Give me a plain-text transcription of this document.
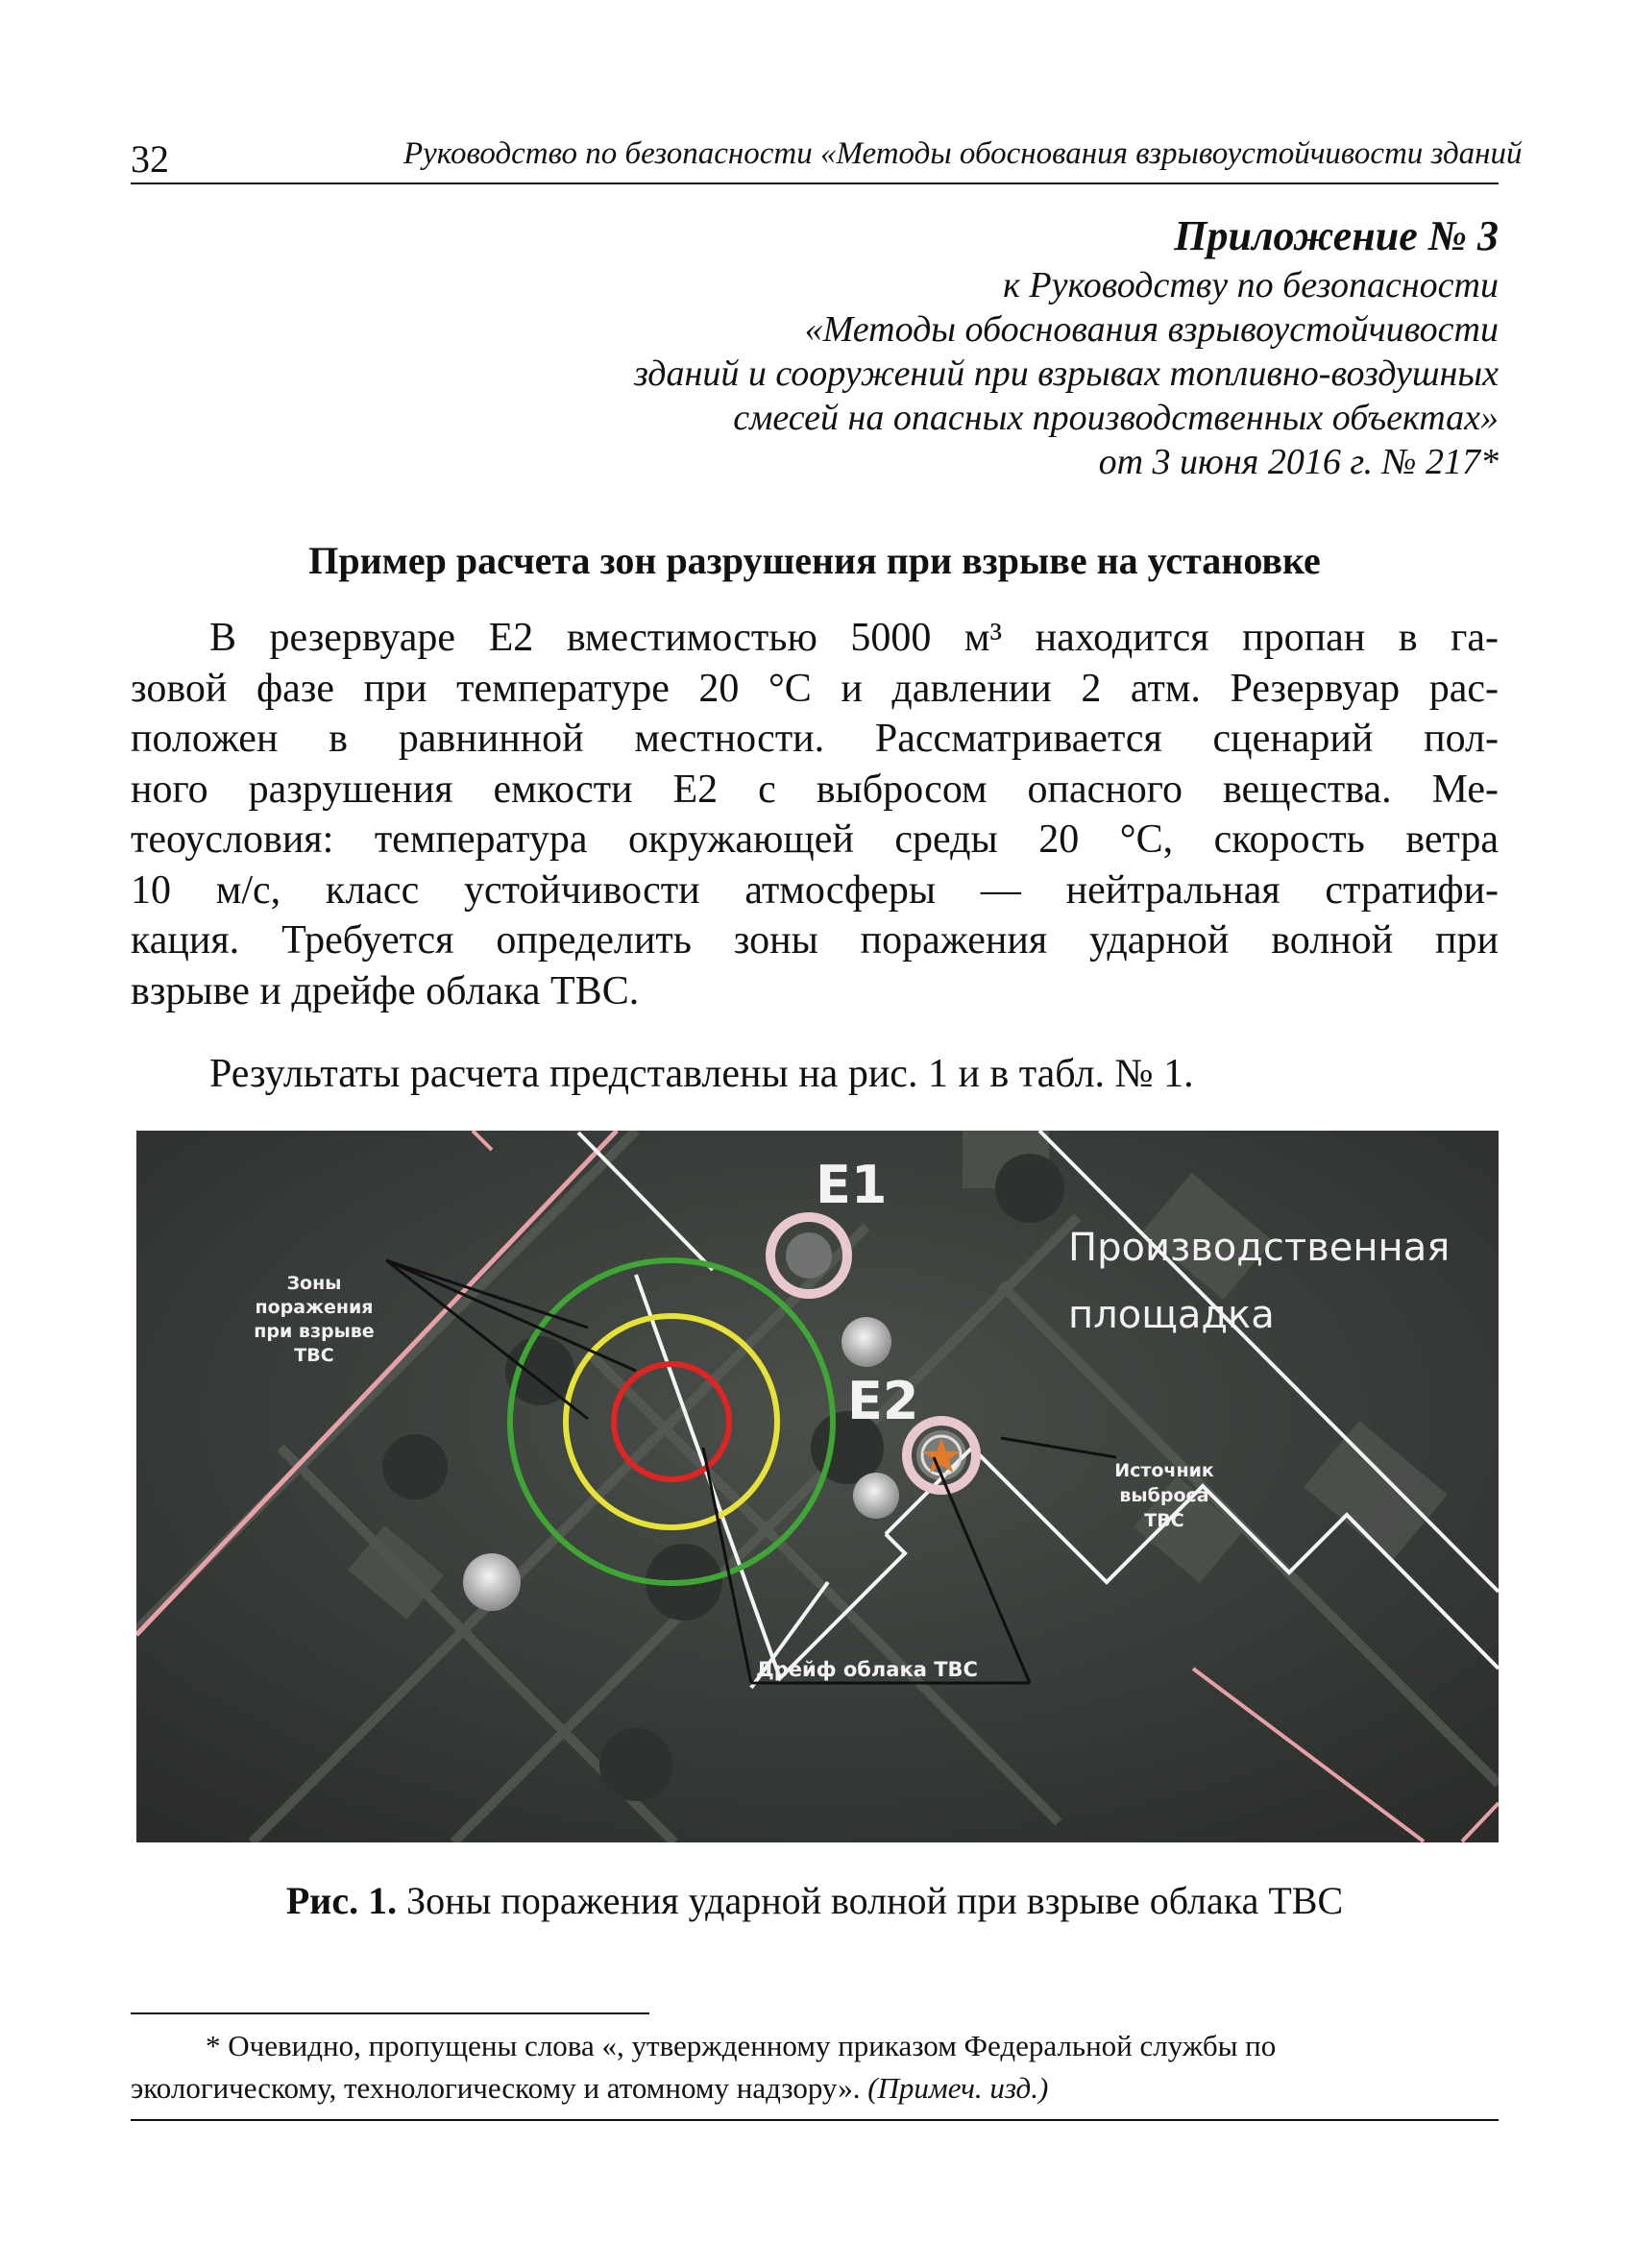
32	Руководство по безопасности «Методы обоснования взрывоустойчивости зданий
Приложение № 3
к Руководству по безопасности
«Методы обоснования взрывоустойчивости
зданий и сооружений при взрывах топливно-воздушных
смесей на опасных производственных объектах»
от 3 июня 2016 г. № 217*
Пример расчета зон разрушения при взрыве на установке
В резервуаре Е2 вместимостью 5000 м³ находится пропан в га-
зовой фазе при температуре 20 °С и давлении 2 атм. Резервуар рас-
положен в равнинной местности. Рассматривается сценарий пол-
ного разрушения емкости Е2 с выбросом опасного вещества. Ме-
теоусловия: температура окружающей среды 20 °С, скорость ветра
10 м/с, класс устойчивости атмосферы — нейтральная стратифи-
кация. Требуется определить зоны поражения ударной волной при
взрыве и дрейфе облака ТВС.
Результаты расчета представлены на рис. 1 и в табл. № 1.
Е1
Е2
Производственная
площадка
Зоны
поражения
при взрыве
ТВС
Источник
выброса
ТВС
Дрейф облака ТВС
Рис. 1. Зоны поражения ударной волной при взрыве облака ТВС
* Очевидно, пропущены слова «, утвержденному приказом Федеральной службы по
экологическому, технологическому и атомному надзору». (Примеч. изд.)
